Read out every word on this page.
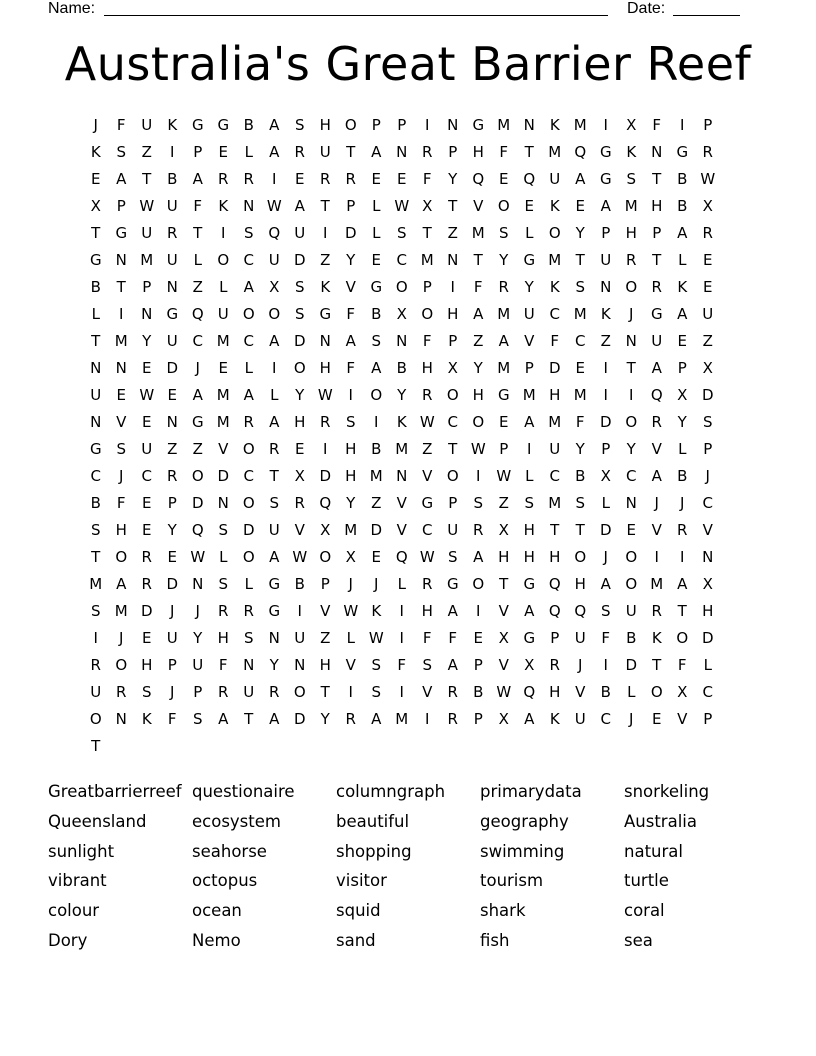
Name:	Date:
Australia's Great Barrier Reef
J	F	U	K G G B	A	S	H O	P	P	I	N G M N K M	I	X	F	I	P
K	S	Z	I	P	E	L	A	R U	T	A N R	P	H	F	T M Q G K N G R
E	A	T	B	A	R	R	I	E	R	R	E	E	F	Y	Q E Q U A G S	T	B W
X	P W U	F	K N W A	T	P	L W X	T	V O E	K	E	A M H B	X
T	G U R	T	I	S Q U	I	D	L	S	T	Z M S	L	O	Y	P	H	P	A	R
G N M U	L	O C U D Z	Y	E	C M N	T	Y	G M T	U R	T	L	E
B	T	P	N Z	L	A	X	S	K	V G O	P	I	F	R	Y	K	S	N O R	K	E
L	I	N G Q U O O S G	F	B	X O H A M U C M K	J	G A U
T M Y	U C M C	A D N A	S	N	F	P	Z	A	V	F	C	Z N U	E	Z
N N	E D	J	E	L	I	O H	F	A	B H X	Y M P	D E	I	T	A	P	X
U	E W E	A M A	L	Y W	I	O	Y	R O H G M H M	I	I	Q X D
N V	E	N G M R	A H R	S	I	K W C O E	A M F	D O R	Y	S
G S	U Z	Z	V O R	E	I	H B M Z	T W P	I	U	Y	P	Y	V	L	P
C	J	C	R O D C	T	X D H M N V O	I	W L	C	B	X	C	A	B	J
B	F	E	P	D N O S	R Q	Y	Z	V G	P	S	Z	S M S	L	N	J	J	C
S	H	E	Y	Q S D U V	X M D V	C U R	X H	T	T	D E	V	R	V
T	O R	E W L	O A W O X	E Q W S	A H H H O	J	O	I	I	N
M A	R D N	S	L	G B	P	J	J	L	R G O	T	G Q H A O M A	X
S M D	J	J	R	R G	I	V W K	I	H A	I	V	A Q Q S	U R	T	H
I	J	E	U	Y	H	S	N U Z	L W	I	F	F	E	X G	P	U	F	B	K O D
R O H	P	U	F	N	Y	N H V	S	F	S	A	P	V	X	R	J	I	D	T	F	L
U R	S	J	P	R U R O	T	I	S	I	V	R	B W Q H V	B	L	O X	C
O N K	F	S	A	T	A D	Y	R	A M	I	R	P	X	A	K	U C	J	E	V	P
T
Greatbarrierreef questionaire	columngraph	primarydata	snorkeling
Queensland	ecosystem	beautiful	geography	Australia
sunlight	seahorse	shopping	swimming	natural
vibrant	octopus	visitor	tourism	turtle
colour	ocean	squid	shark	coral
Dory	Nemo	sand	fish	sea
